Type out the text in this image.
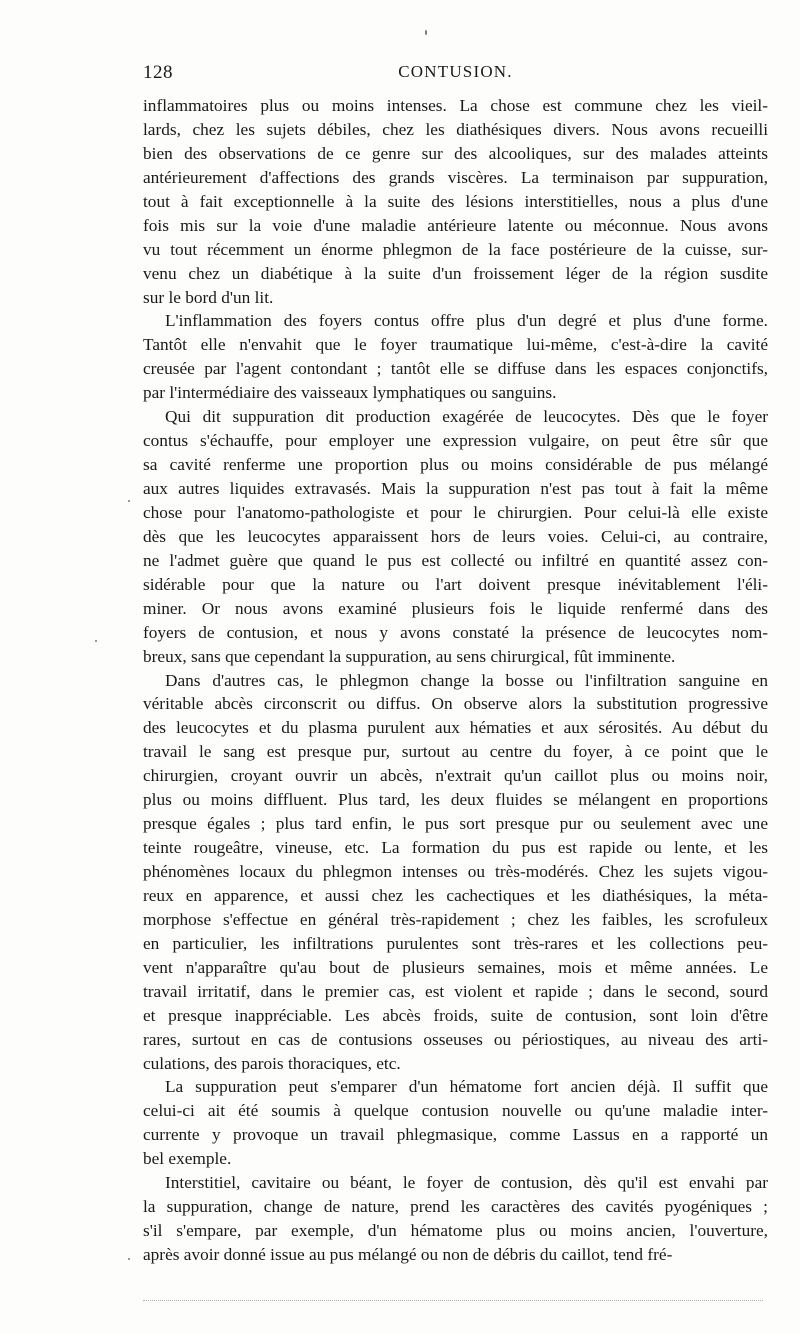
128	CONTUSION.
inflammatoires plus ou moins intenses. La chose est commune chez les vieil-
lards, chez les sujets débiles, chez les diathésiques divers. Nous avons recueilli
bien des observations de ce genre sur des alcooliques, sur des malades atteints
antérieurement d'affections des grands viscères. La terminaison par suppuration,
tout à fait exceptionnelle à la suite des lésions interstitielles, nous a plus d'une
fois mis sur la voie d'une maladie antérieure latente ou méconnue. Nous avons
vu tout récemment un énorme phlegmon de la face postérieure de la cuisse, sur-
venu chez un diabétique à la suite d'un froissement léger de la région susdite
sur le bord d'un lit.
L'inflammation des foyers contus offre plus d'un degré et plus d'une forme.
Tantôt elle n'envahit que le foyer traumatique lui-même, c'est-à-dire la cavité
creusée par l'agent contondant ; tantôt elle se diffuse dans les espaces conjonctifs,
par l'intermédiaire des vaisseaux lymphatiques ou sanguins.
Qui dit suppuration dit production exagérée de leucocytes. Dès que le foyer
contus s'échauffe, pour employer une expression vulgaire, on peut être sûr que
sa cavité renferme une proportion plus ou moins considérable de pus mélangé
aux autres liquides extravasés. Mais la suppuration n'est pas tout à fait la même
chose pour l'anatomo-pathologiste et pour le chirurgien. Pour celui-là elle existe
dès que les leucocytes apparaissent hors de leurs voies. Celui-ci, au contraire,
ne l'admet guère que quand le pus est collecté ou infiltré en quantité assez con-
sidérable pour que la nature ou l'art doivent presque inévitablement l'éli-
miner. Or nous avons examiné plusieurs fois le liquide renfermé dans des
foyers de contusion, et nous y avons constaté la présence de leucocytes nom-
breux, sans que cependant la suppuration, au sens chirurgical, fût imminente.
Dans d'autres cas, le phlegmon change la bosse ou l'infiltration sanguine en
véritable abcès circonscrit ou diffus. On observe alors la substitution progressive
des leucocytes et du plasma purulent aux hématies et aux sérosités. Au début du
travail le sang est presque pur, surtout au centre du foyer, à ce point que le
chirurgien, croyant ouvrir un abcès, n'extrait qu'un caillot plus ou moins noir,
plus ou moins diffluent. Plus tard, les deux fluides se mélangent en proportions
presque égales ; plus tard enfin, le pus sort presque pur ou seulement avec une
teinte rougeâtre, vineuse, etc. La formation du pus est rapide ou lente, et les
phénomènes locaux du phlegmon intenses ou très-modérés. Chez les sujets vigou-
reux en apparence, et aussi chez les cachectiques et les diathésiques, la méta-
morphose s'effectue en général très-rapidement ; chez les faibles, les scrofuleux
en particulier, les infiltrations purulentes sont très-rares et les collections peu-
vent n'apparaître qu'au bout de plusieurs semaines, mois et même années. Le
travail irritatif, dans le premier cas, est violent et rapide ; dans le second, sourd
et presque inappréciable. Les abcès froids, suite de contusion, sont loin d'être
rares, surtout en cas de contusions osseuses ou périostiques, au niveau des arti-
culations, des parois thoraciques, etc.
La suppuration peut s'emparer d'un hématome fort ancien déjà. Il suffit que
celui-ci ait été soumis à quelque contusion nouvelle ou qu'une maladie inter-
currente y provoque un travail phlegmasique, comme Lassus en a rapporté un
bel exemple.
Interstitiel, cavitaire ou béant, le foyer de contusion, dès qu'il est envahi par
la suppuration, change de nature, prend les caractères des cavités pyogéniques ;
s'il s'empare, par exemple, d'un hématome plus ou moins ancien, l'ouverture,
après avoir donné issue au pus mélangé ou non de débris du caillot, tend fré-
